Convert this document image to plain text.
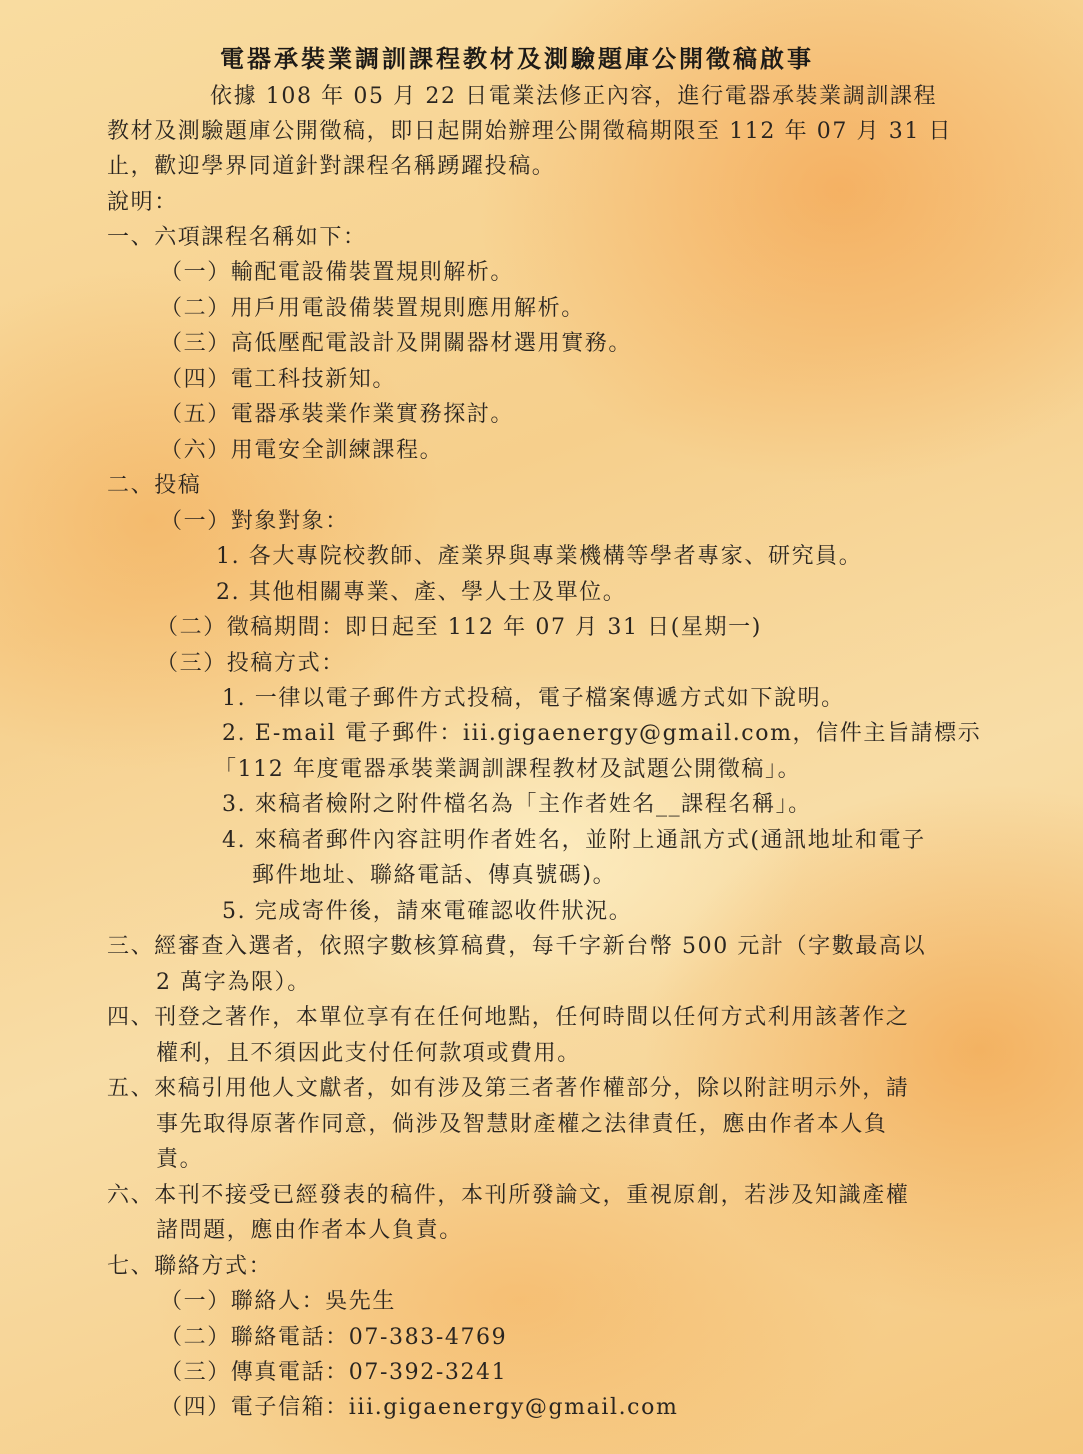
電器承裝業調訓課程教材及測驗題庫公開徵稿啟事
依據 108 年 05 月 22 日電業法修正內容，進行電器承裝業調訓課程
教材及測驗題庫公開徵稿，即日起開始辦理公開徵稿期限至 112 年 07 月 31 日
止，歡迎學界同道針對課程名稱踴躍投稿。
說明：
一、六項課程名稱如下：
（一）輸配電設備裝置規則解析。
（二）用戶用電設備裝置規則應用解析。
（三）高低壓配電設計及開關器材選用實務。
（四）電工科技新知。
（五）電器承裝業作業實務探討。
（六）用電安全訓練課程。
二、投稿
（一）對象對象：
1. 各大專院校教師、產業界與專業機構等學者專家、研究員。
2. 其他相關專業、產、學人士及單位。
（二）徵稿期間：即日起至 112 年 07 月 31 日(星期一)
（三）投稿方式：
1. 一律以電子郵件方式投稿，電子檔案傳遞方式如下說明。
2. E-mail 電子郵件：iii.gigaenergy@gmail.com，信件主旨請標示
「112 年度電器承裝業調訓課程教材及試題公開徵稿」。
3. 來稿者檢附之附件檔名為「主作者姓名__課程名稱」。
4. 來稿者郵件內容註明作者姓名，並附上通訊方式(通訊地址和電子
郵件地址、聯絡電話、傳真號碼)。
5. 完成寄件後，請來電確認收件狀況。
三、經審查入選者，依照字數核算稿費，每千字新台幣 500 元計（字數最高以
2 萬字為限）。
四、刊登之著作，本單位享有在任何地點，任何時間以任何方式利用該著作之
權利，且不須因此支付任何款項或費用。
五、來稿引用他人文獻者，如有涉及第三者著作權部分，除以附註明示外，請
事先取得原著作同意，倘涉及智慧財產權之法律責任，應由作者本人負
責。
六、本刊不接受已經發表的稿件，本刊所發論文，重視原創，若涉及知識產權
諸問題，應由作者本人負責。
七、聯絡方式：
（一）聯絡人：吳先生
（二）聯絡電話：07-383-4769
（三）傳真電話：07-392-3241
（四）電子信箱：iii.gigaenergy@gmail.com
